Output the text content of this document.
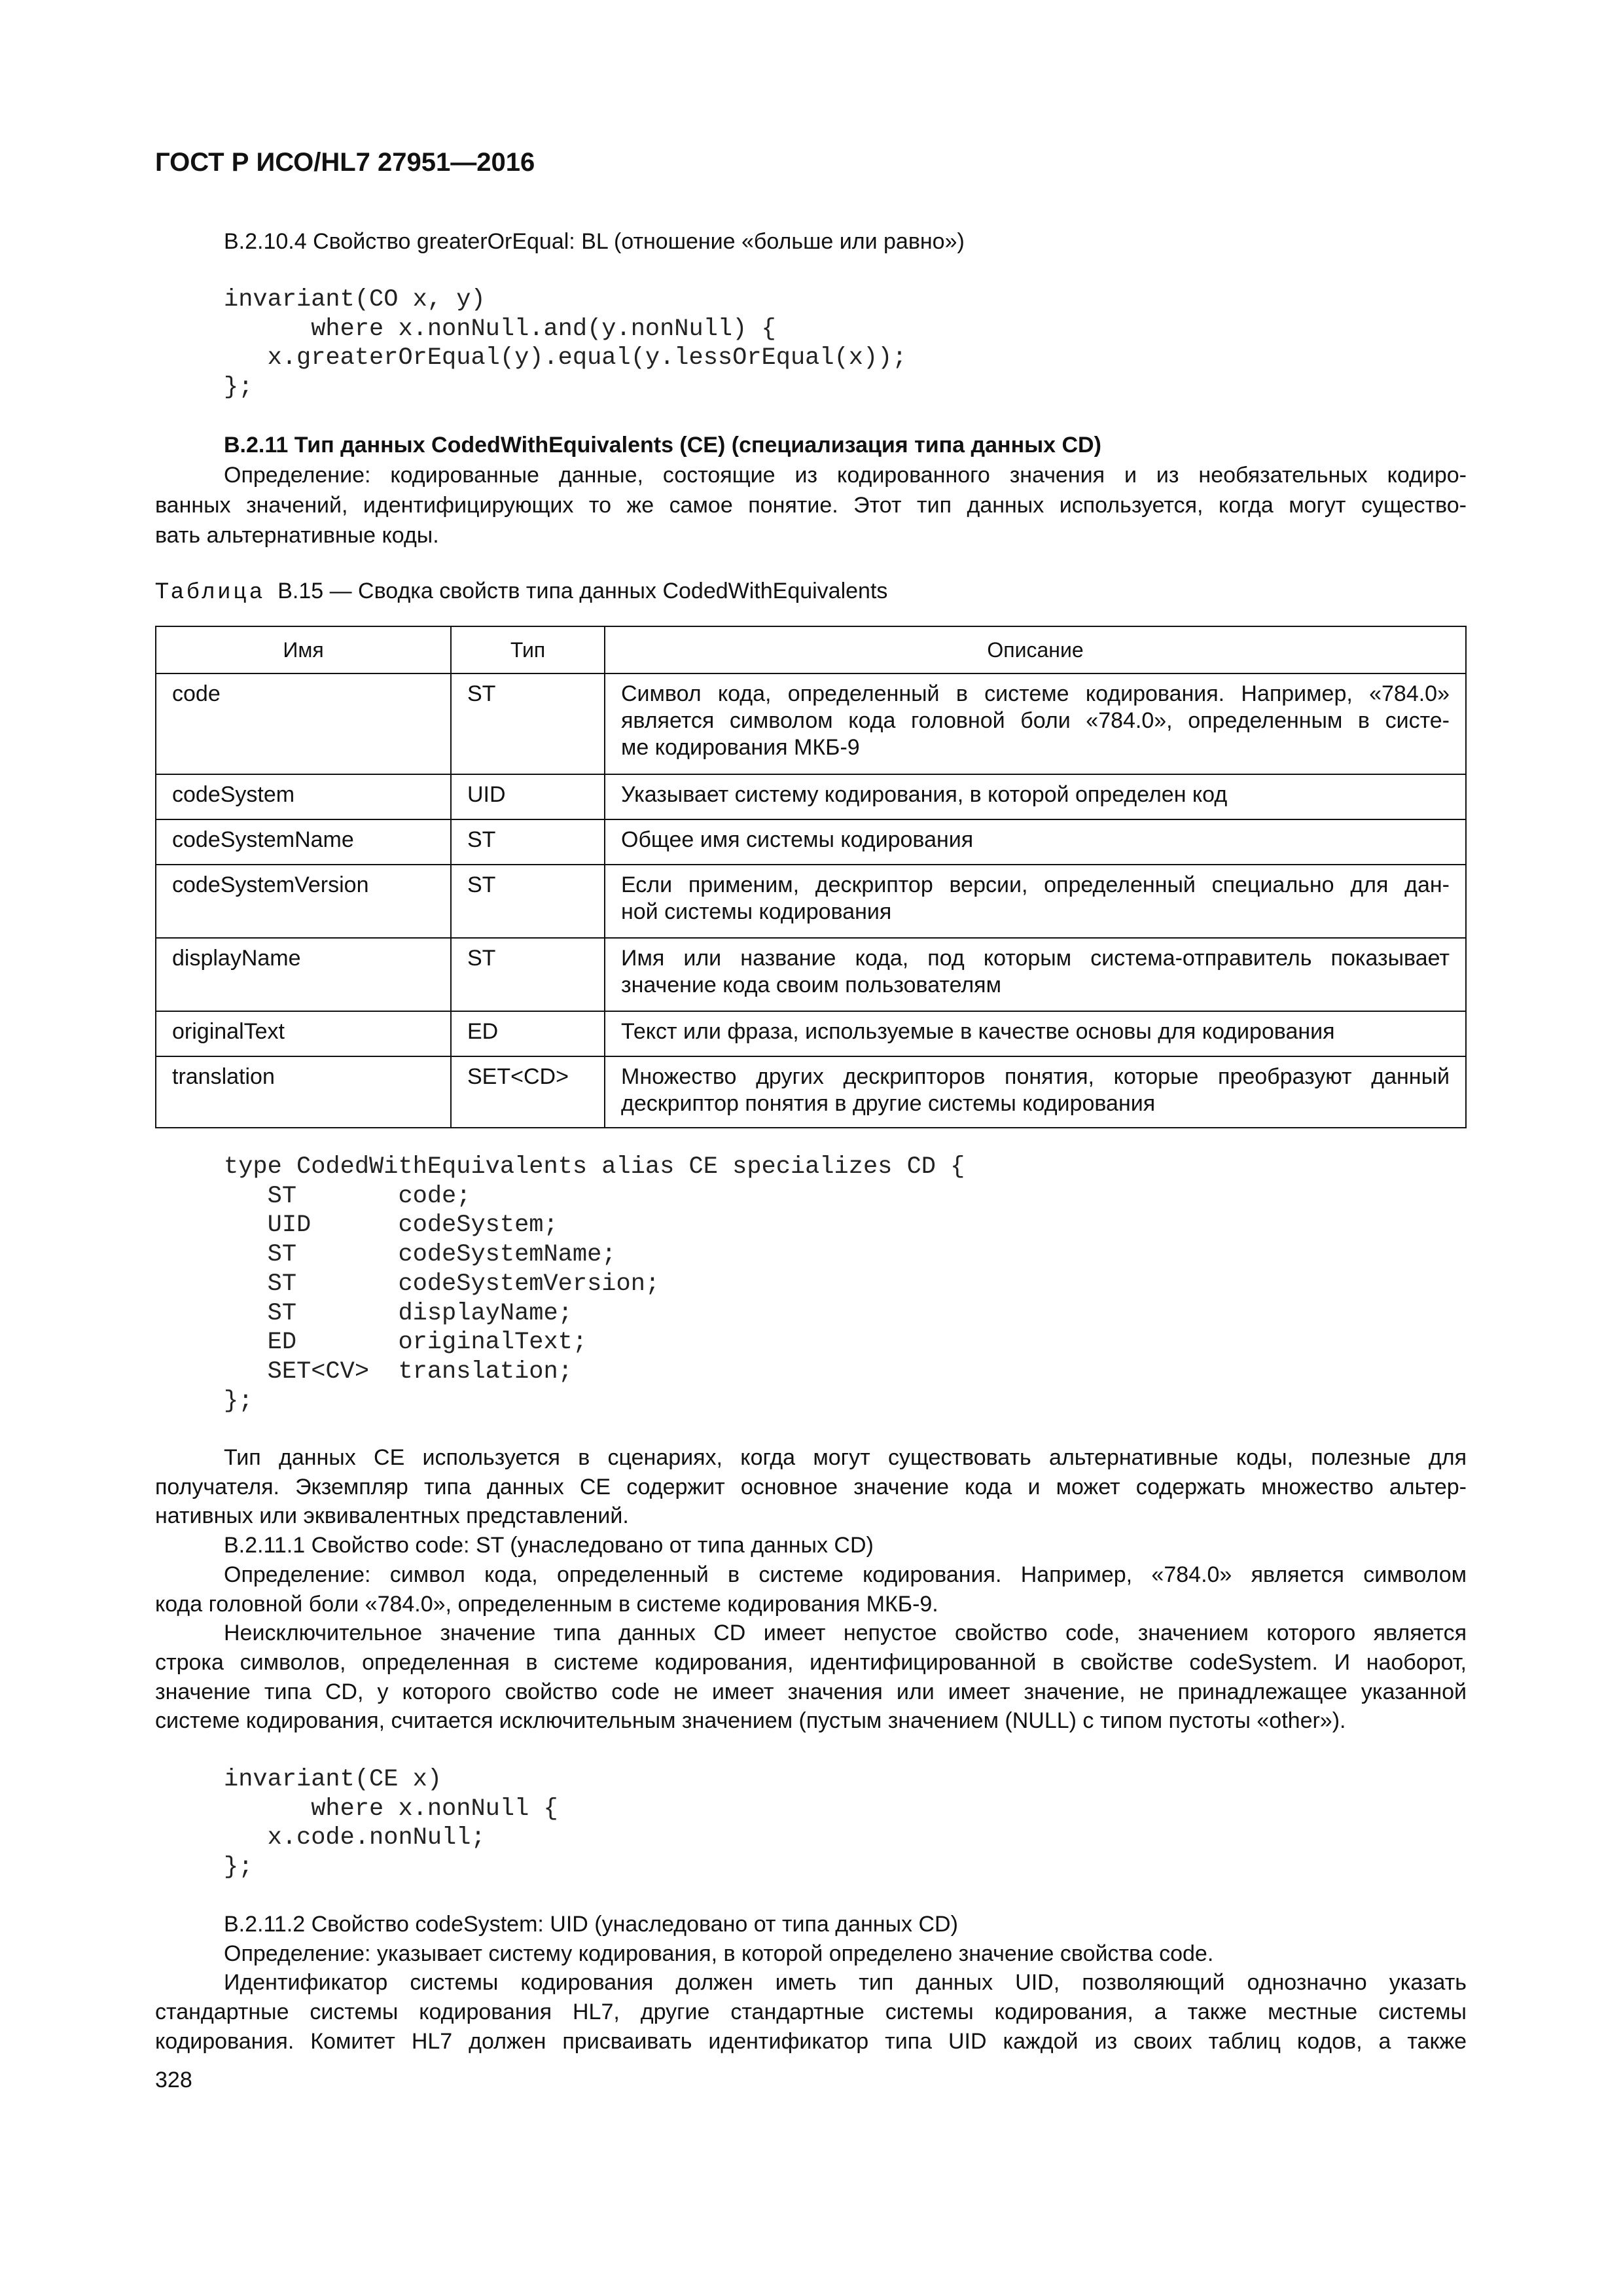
ГОСТ Р ИСО/HL7 27951—2016
B.2.10.4 Свойство greaterOrEqual: BL (отношение «больше или равно»)
invariant(CO x, y)
where x.nonNull.and(y.nonNull) {
x.greaterOrEqual(y).equal(y.lessOrEqual(x));
};
B.2.11 Тип данных CodedWithEquivalents (CE) (специализация типа данных CD)
Определение: кодированные данные, состоящие из кодированного значения и из необязательных кодиро-
ванных значений, идентифицирующих то же самое понятие. Этот тип данных используется, когда могут существо-
вать альтернативные коды.
Таблица B.15 — Сводка свойств типа данных CodedWithEquivalents
Имя	Тип	Описание
code	ST	Символ кода, определенный в системе кодирования. Например, «784.0»
является символом кода головной боли «784.0», определенным в систе-
ме кодирования МКБ-9

codeSystem	UID	Указывает систему кодирования, в которой определен код

codeSystemName	ST	Общее имя системы кодирования

codeSystemVersion	ST	Если применим, дескриптор версии, определенный специально для дан-
ной системы кодирования

displayName	ST	Имя или название кода, под которым система-отправитель показывает
значение кода своим пользователям

originalText	ED	Текст или фраза, используемые в качестве основы для кодирования

translation	SET<CD>	Множество других дескрипторов понятия, которые преобразуют данный
дескриптор понятия в другие системы кодирования
type CodedWithEquivalents alias CE specializes CD {
ST       code;
UID      codeSystem;
ST       codeSystemName;
ST       codeSystemVersion;
ST       displayName;
ED       originalText;
SET<CV>  translation;
};
Тип данных CE используется в сценариях, когда могут существовать альтернативные коды, полезные для
получателя. Экземпляр типа данных CE содержит основное значение кода и может содержать множество альтер-
нативных или эквивалентных представлений.
B.2.11.1 Свойство code: ST (унаследовано от типа данных CD)
Определение: символ кода, определенный в системе кодирования. Например, «784.0» является символом
кода головной боли «784.0», определенным в системе кодирования МКБ-9.
Неисключительное значение типа данных CD имеет непустое свойство code, значением которого является
строка символов, определенная в системе кодирования, идентифицированной в свойстве codeSystem. И наоборот,
значение типа CD, у которого свойство code не имеет значения или имеет значение, не принадлежащее указанной
системе кодирования, считается исключительным значением (пустым значением (NULL) с типом пустоты «other»).
invariant(CE x)
where x.nonNull {
x.code.nonNull;
};
B.2.11.2 Свойство codeSystem: UID (унаследовано от типа данных CD)
Определение: указывает систему кодирования, в которой определено значение свойства code.
Идентификатор системы кодирования должен иметь тип данных UID, позволяющий однозначно указать
стандартные системы кодирования HL7, другие стандартные системы кодирования, а также местные системы
кодирования. Комитет HL7 должен присваивать идентификатор типа UID каждой из своих таблиц кодов, а также
328
